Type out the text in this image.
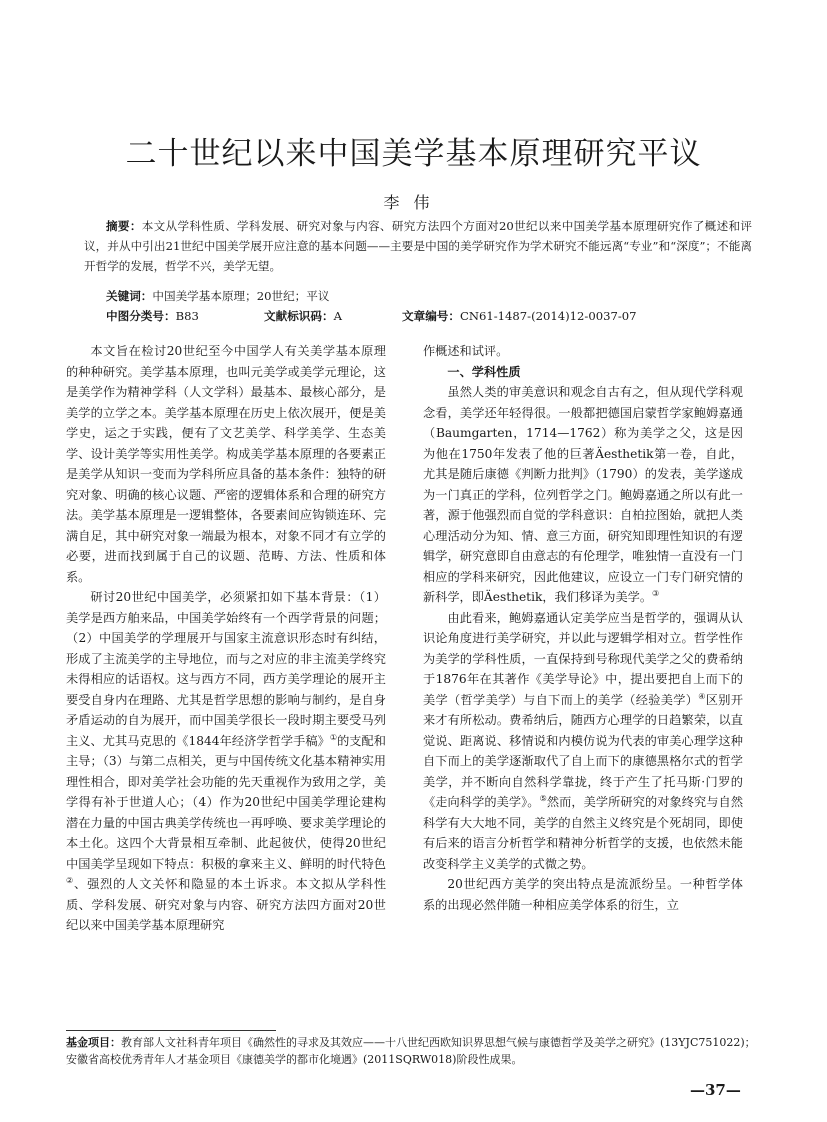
二十世纪以来中国美学基本原理研究平议
李伟
摘要：本文从学科性质、学科发展、研究对象与内容、研究方法四个方面对20世纪以来中国美学基本原理研究作了概述和评议，并从中引出21世纪中国美学展开应注意的基本问题——主要是中国的美学研究作为学术研究不能远离“专业”和“深度”；不能离开哲学的发展，哲学不兴，美学无望。
关键词：中国美学基本原理；20世纪；平议
中图分类号：B83	文献标识码：A	文章编号：CN61-1487-(2014)12-0037-07

本文旨在检讨20世纪至今中国学人有关美学基本原理的种种研究。美学基本原理，也叫元美学或美学元理论，这是美学作为精神学科（人文学科）最基本、最核心部分，是美学的立学之本。美学基本原理在历史上依次展开，便是美学史，运之于实践，便有了文艺美学、科学美学、生态美学、设计美学等实用性美学。构成美学基本原理的各要素正是美学从知识一变而为学科所应具备的基本条件：独特的研究对象、明确的核心议题、严密的逻辑体系和合理的研究方法。美学基本原理是一逻辑整体，各要素间应钩锁连环、完满自足，其中研究对象一端最为根本，对象不同才有立学的必要，进而找到属于自己的议题、范畴、方法、性质和体系。

研讨20世纪中国美学，必须紧扣如下基本背景：（1）美学是西方舶来品，中国美学始终有一个西学背景的问题；（2）中国美学的学理展开与国家主流意识形态时有纠结，形成了主流美学的主导地位，而与之对应的非主流美学终究未得相应的话语权。这与西方不同，西方美学理论的展开主要受自身内在理路、尤其是哲学思想的影响与制约，是自身矛盾运动的自为展开，而中国美学很长一段时期主要受马列主义、尤其马克思的《1844年经济学哲学手稿》①的支配和主导；（3）与第二点相关，更与中国传统文化基本精神实用理性相合，即对美学社会功能的先天重视作为致用之学，美学得有补于世道人心；（4）作为20世纪中国美学理论建构潜在力量的中国古典美学传统也一再呼唤、要求美学理论的本土化。这四个大背景相互牵制、此起彼伏，使得20世纪中国美学呈现如下特点：积极的拿来主义、鲜明的时代特色②、强烈的人文关怀和隐显的本土诉求。本文拟从学科性质、学科发展、研究对象与内容、研究方法四方面对20世纪以来中国美学基本原理研究

作概述和试评。

一、学科性质

虽然人类的审美意识和观念自古有之，但从现代学科观念看，美学还年轻得很。一般都把德国启蒙哲学家鲍姆嘉通（Baumgarten，1714—1762）称为美学之父，这是因为他在1750年发表了他的巨著Äesthetik第一卷，自此，尤其是随后康德《判断力批判》（1790）的发表，美学遂成为一门真正的学科，位列哲学之门。鲍姆嘉通之所以有此一著，源于他强烈而自觉的学科意识：自柏拉图始，就把人类心理活动分为知、情、意三方面，研究知即理性知识的有逻辑学，研究意即自由意志的有伦理学，唯独情一直没有一门相应的学科来研究，因此他建议，应设立一门专门研究情的新科学，即Äesthetik，我们移译为美学。③

由此看来，鲍姆嘉通认定美学应当是哲学的，强调从认识论角度进行美学研究，并以此与逻辑学相对立。哲学性作为美学的学科性质，一直保持到号称现代美学之父的费希纳于1876年在其著作《美学导论》中，提出要把自上而下的美学（哲学美学）与自下而上的美学（经验美学）④区别开来才有所松动。费希纳后，随西方心理学的日趋繁荣，以直觉说、距离说、移情说和内模仿说为代表的审美心理学这种自下而上的美学逐渐取代了自上而下的康德黑格尔式的哲学美学，并不断向自然科学靠拢，终于产生了托马斯·门罗的《走向科学的美学》。⑤然而，美学所研究的对象终究与自然科学有大大地不同，美学的自然主义终究是个死胡同，即使有后来的语言分析哲学和精神分析哲学的支援，也依然未能改变科学主义美学的式微之势。

20世纪西方美学的突出特点是流派纷呈。一种哲学体系的出现必然伴随一种相应美学体系的衍生，立

基金项目：教育部人文社科青年项目《确然性的寻求及其效应——十八世纪西欧知识界思想气候与康德哲学及美学之研究》(13YJC751022)；安徽省高校优秀青年人才基金项目《康德美学的都市化境遇》(2011SQRW018)阶段性成果。
—37—
